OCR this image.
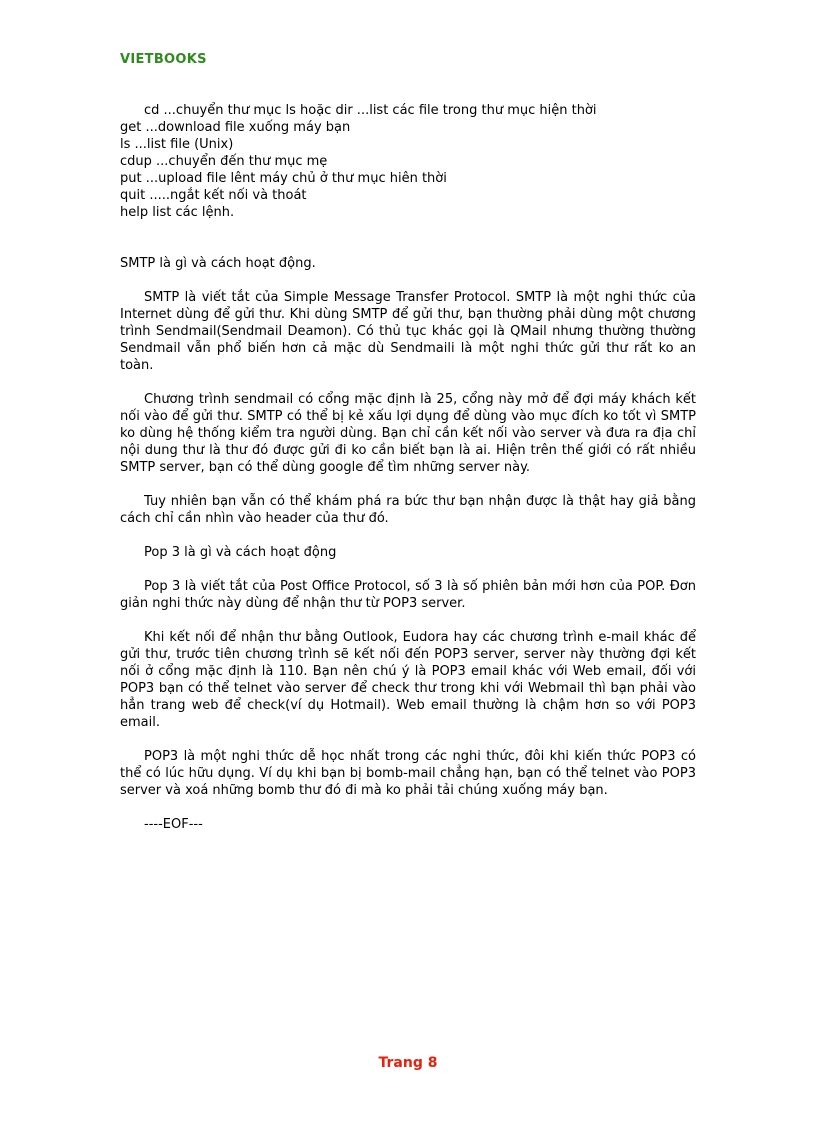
VIETBOOKS

cd ...chuyển thư mục ls hoặc dir ...list các file trong thư mục hiện thời

get ...download file xuống máy bạn

ls ...list file (Unix)

cdup ...chuyển đến thư mục mẹ

put ...upload file lênt máy chủ ở thư mục hiên thời

quit .....ngắt kết nối và thoát

help list các lệnh.

SMTP là gì và cách hoạt động.

SMTP là viết tắt của Simple Message Transfer Protocol. SMTP là một nghi thức của Internet dùng để gửi thư. Khi dùng SMTP để gửi thư, bạn thường phải dùng một chương trình Sendmail(Sendmail Deamon). Có thủ tục khác gọi là QMail nhưng thường thường Sendmail vẫn phổ biến hơn cả mặc dù Sendmaili là một nghi thức gửi thư rất ko an toàn.

Chương trình sendmail có cổng mặc định là 25, cổng này mở để đợi máy khách kết nối vào để gửi thư. SMTP có thể bị kẻ xấu lợi dụng để dùng vào mục đích ko tốt vì SMTP ko dùng hệ thống kiểm tra người dùng. Bạn chỉ cần kết nối vào server và đưa ra địa chỉ nội dung thư là thư đó được gửi đi ko cần biết bạn là ai. Hiện trên thế giới có rất nhiều SMTP server, bạn có thể dùng google để tìm những server này.

Tuy nhiên bạn vẫn có thể khám phá ra bức thư bạn nhận được là thật hay giả bằng cách chỉ cần nhìn vào header của thư đó.

Pop 3 là gì và cách hoạt động

Pop 3 là viết tắt của Post Office Protocol, số 3 là số phiên bản mới hơn của POP. Đơn giản nghi thức này dùng để nhận thư từ POP3 server.

Khi kết nối để nhận thư bằng Outlook, Eudora hay các chương trình e-mail khác để gửi thư, trước tiên chương trình sẽ kết nối đến POP3 server, server này thường đợi kết nối ở cổng mặc định là 110. Bạn nên chú ý là POP3 email khác với Web email, đối với POP3 bạn có thể telnet vào server để check thư trong khi với Webmail thì bạn phải vào hẳn trang web để check(ví dụ Hotmail). Web email thường là chậm hơn so với POP3 email.

POP3 là một nghi thức dễ học nhất trong các nghi thức, đôi khi kiến thức POP3 có thể có lúc hữu dụng. Ví dụ khi bạn bị bomb-mail chẳng hạn, bạn có thể telnet vào POP3 server và xoá những bomb thư đó đi mà ko phải tải chúng xuống máy bạn.

----EOF---

Trang 8
